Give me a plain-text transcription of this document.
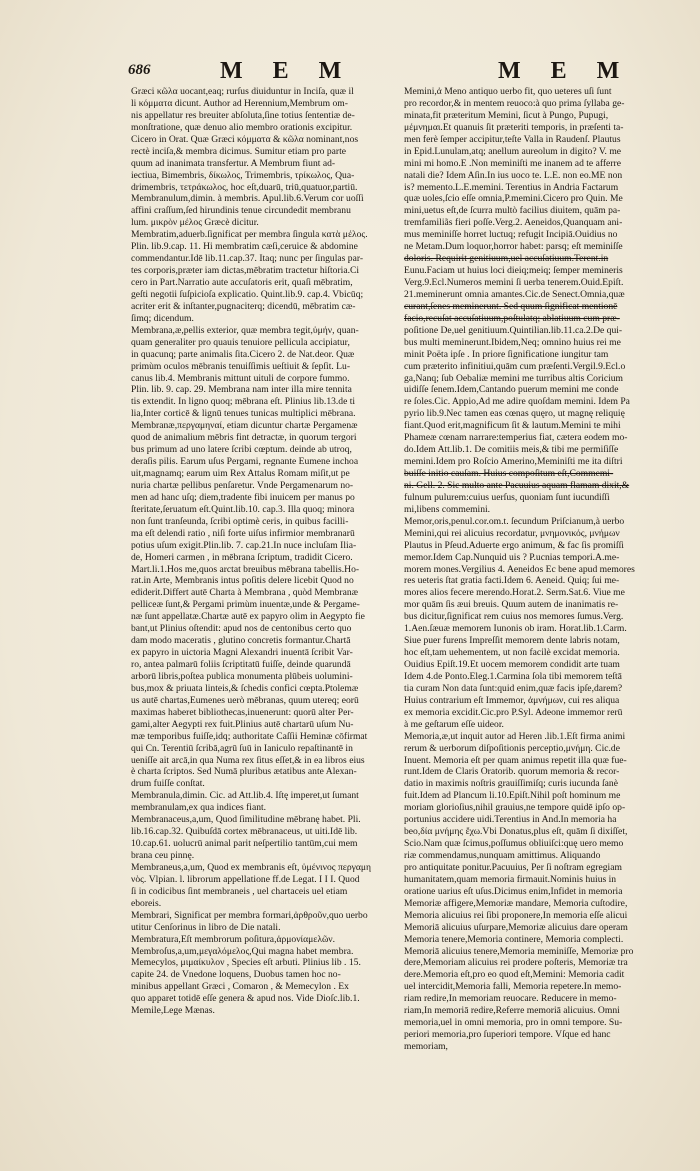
686	M E M	M E M
Græci κῶλα uocant,eaq; rurſus diuiduntur in Inciſa, quæ il
li κόμματα dicunt. Author ad Herennium,Membrum om-
nis appellatur res breuiter abſoluta,ſine totius ſententiæ de-
monſtratione, quæ denuo alio membro orationis excipitur.
Cicero in Orat. Quæ Græci κόμματα & κῶλα nominant,nos
rectè inciſa,& membra dicimus. Sumitur etiam pro parte
quum ad inanimata transfertur. A Membrum fiunt ad-
iectiua, Bimembris, δίκωλος, Trimembris, τρίκωλος, Qua-
drimembris, τετράκωλος, hoc eſt,duarū, triū,quatuor,partiū.
Membranulum,dimin. à membris. Apul.lib.6.Verum cor uoſſi
affini craſſum,ſed hirundinis tenue circundedit membranu
lum. μικρὸν μέλος Græcè dicitur.
Membratim,aduerb.ſignificat per membra ſingula κατὰ μέλος.
Plin. lib.9.cap. 11. Hi membratim cæſi,ceruice & abdomine
commendantur.Idē lib.11.cap.37. Itaq; nunc per ſingulas par-
tes corporis,præter iam dictas,mēbratim tractetur hiſtoria.Ci
cero in Part.Narratio aute accuſatoris erit, quaſi mēbratim,
geſti negotii ſuſpicioſa explicatio. Quint.lib.9. cap.4. Vbicūq;
acriter erit & inſtanter,pugnaciterq; dicendū, mēbratim cæ-
ſimq; dicendum.
Membrana,æ,pellis exterior, quæ membra tegit,ὑμήν, quan-
quam generaliter pro quauis tenuiore pellicula accipiatur,
in quacunq; parte animalis ſita.Cicero 2. de Nat.deor. Quæ
primùm oculos mēbranis tenuiſſimis ueſtiuit & ſepſit. Lu-
canus lib.4. Membranis mittunt uituli de corpore fummo.
Plin. lib. 9. cap. 29. Membrana nam inter illa mire tennita
tis extendit. In ligno quoq; mēbrana eſt. Plinius lib.13.de ti
lia,Inter corticē & lignū tenues tunicas multiplici mēbrana.
Membranæ,περγαμηναί, etiam dicuntur chartæ Pergamenæ
quod de animalium mēbris fint detractæ, in quorum tergori
bus primum ad uno latere ſcribi cœptum. deinde ab utroq,
deraſis pilis. Earum uſus Pergami, regnante Eumene inchoa
uit,magnamq; earum uim Rex Attalus Romam miſit,ut pe
nuria chartæ pellibus penſaretur. Vnde Pergamenarum no-
men ad hanc uſq; diem,tradente fibi inuicem per manus po
ſteritate,ſeruatum eſt.Quint.lib.10. cap.3. Illa quoq; minora
non ſunt tranſeunda, ſcribi optimè ceris, in quibus facilli-
ma eſt delendi ratio , niſi forte uiſus infirmior membranarū
potius uſum exigit.Plin.lib. 7. cap.21.In nuce incluſam Ilia-
de, Homeri carmen , in mēbrana ſcriptum, tradidit Cicero.
Mart.li.1.Hos me,quos arctat breuibus mēbrana tabellis.Ho-
rat.in Arte, Membranis intus poſitis delere licebit Quod no
ediderit.Differt autē Charta à Membrana , quòd Membranæ
pelliceæ ſunt,& Pergami primùm inuentæ,unde & Pergame-
næ ſunt appellatæ.Chartæ autē ex papyro olim in Aegypto fie
bant,ut Plinius oſtendit: apud nos de centonibus certo quo
dam modo maceratis , glutino concretis formantur.Chartā
ex papyro in uictoria Magni Alexandri inuentā ſcribit Var-
ro, antea palmarū foliis ſcriptitatū fuiſſe, deinde quarundā
arborū libris,poſtea publica monumenta plūbeis uolumini-
bus,mox & priuata linteis,& ſchedis confici cœpta.Ptolemæ
us autē chartas,Eumenes uerò mēbranas, quum utereq; eorū
maximas haberet bibliothecas,inuenerunt: quorū alter Per-
gami,alter Aegypti rex fuit.Plinius autē chartarū uſum Nu-
mæ temporibus fuiſſe,idq; authoritate Caſſii Heminæ cōfirmat
qui Cn. Terentiū ſcribā,agrū ſuū in Ianiculo repaſtinantē in
ueniſſe ait arcā,in qua Numa rex ſitus eſſet,& in ea libros eius
è charta ſcriptos. Sed Numā pluribus ætatibus ante Alexan-
drum fuiſſe conſtat.
Membranula,dimin. Cic. ad Att.lib.4. Iſtę imperet,ut ſumant
membranulam,ex qua indices fiant.
Membranaceus,a,um, Quod ſimilitudine mēbranę habet. Pli.
lib.16.cap.32. Quibuſdā cortex mēbranaceus, ut uiti.Idē lib.
10.cap.61. uolucrū animal parit neſpertilio tantūm,cui mem
brana ceu pinnę.
Membraneus,a,um, Quod ex membranis eſt, ὑμένινος περγαμη
νὸς. Vlpian. l. librorum appellatione ff.de Legat. I I I. Quod
ſi in codicibus ſint membraneis , uel chartaceis uel etiam
eboreis.
Membrari, Significat per membra formari,ἀρθροῦν,quo uerbo
utitur Cenſorinus in libro de Die natali.
Membratura,Eſt membrorum poſitura,ἁρμονίαμελῶν.
Membroſus,a,um,μεγαλόμελος,Qui magna habet membra.
Memecylos, μιμαίκυλον , Species eſt arbuti. Plinius lib . 15.
capite 24. de Vnedone loquens, Duobus tamen hoc no-
minibus appellant Græci , Comaron , & Memecylon . Ex
quo apparet totidē eſſe genera & apud nos. Vide Dioſc.lib.1.
Memile,Lege Mænas.
Memini,ἀ Meno antiquo uerbo fit, quo ueteres uſi ſunt
pro recordor,& in mentem reuoco:à quo prima ſyllaba ge-
minata,fit præteritum Memini, ſicut à Pungo, Pupugi,
μέμνημαι.Et quanuis ſit præteriti temporis, in præſenti ta-
men ferè ſemper accipitur,teſte Valla in Raudenſ. Plautus
in Epid.Lunulam,atq; anellum aureolum in digito? V. me
mini mi homo.E .Non meminiſti me inanem ad te afferre
natali die? Idem Aſin.In ius uoco te. L.E. non eo.ME non
is? memento.L.E.memini. Terentius in Andria Factarum
quæ uoles,ſcio eſſe omnia,P.memini.Cicero pro Quin. Me
mini,uetus eſt,de ſcurra multò facilius diuitem, quām pa-
tremfamiliãs fieri poſſe.Verg.2. Aeneidos,Quanquam ani-
mus meminiſſe horret luctuq; refugit Incipiā.Ouidius no
ne Metam.Dum loquor,horror habet: parsq; eſt meminiſſe
doloris. Requirit genitiuum,uel accuſatiuum.Terent.in
Eunu.Faciam ut huius loci dieiq;meiq; ſemper memineris
Verg.9.Ecl.Numeros memini ſi uerba tenerem.Ouid.Epiſt.
21.meminerunt omnia amantes.Cic.de Senect.Omnia,quæ
curant,ſenes meminerunt. Sed quum ſignificat mentionē
facio,recuſat accuſatiuum,poſtulatq; ablatiuum cum præ-
poſitione De,uel genitiuum.Quintilian.lib.11.ca.2.De qui-
bus multi meminerunt.Ibidem,Neq; omnino huius rei me
minit Poëta ipſe . In priore ſignificatione iungitur tam
cum præterito infinitiui,quām cum præſenti.Vergil.9.Ecl.o
ga,Nanq; ſub Oebaliæ memini me turribus altis Coricium
uidiſſe ſenem.Idem,Cantando puerum memini me conde
re ſoles.Cic. Appio,Ad me adire quoſdam memini. Idem Pa
pyrio lib.9.Nec tamen eas cœnas quęro, ut magnę reliquię
fiant.Quod erit,magnificum ſit & lautum.Memini te mihi
Phameæ cœnam narrare:temperius fiat, cætera eodem mo-
do.Idem Att.lib.1. De comitiis meis,& tibi me permiſiſſe
memini.Idem pro Roſcio Amerino,Meminiſti me ita diſtri
buiſſe initio cauſam. Huius compoſitum eſt,Commemi-
ni. Gell. 2. Sic multo ante Pacuuius aquam flamam dixit,&
fulnum pulurem:cuius uerſus, quoniam ſunt iucundiſſi
mi,libens commemini.
Memor,oris,penul.cor.om.t. ſecundum Priſcianum,à uerbo
Memini,qui rei alicuius recordatur, μνημονικός, μνήμων
Plautus in Pſeud.Aduerte ergo animum, & fac ſis promiſſi
memor.Idem Cap.Nunquid uis ? P.ucnias tempori.A.me-
morem mones.Vergilius 4. Aeneidos Ec bene apud memores
res ueteris ſtat gratia facti.Idem 6. Aeneid. Quiq; ſui me-
mores alios fecere merendo.Horat.2. Serm.Sat.6. Viue me
mor quām ſis æui breuis. Quum autem de inanimatis re-
bus dicitur,ſignificat rem cuius nos memores ſumus.Verg.
1.Aen.ſæuæ memorem Iunonis ob iram. Horat.lib.1.Carm.
Siue puer furens Impreſſit memorem dente labris notam,
hoc eſt,tam uehementem, ut non facilè excidat memoria.
Ouidius Epiſt.19.Et uocem memorem condidit arte tuam
Idem 4.de Ponto.Eleg.1.Carmina ſola tibi memorem teſtā
tia curam Non data ſunt:quid enim,quæ facis ipſe,darem?
Huius contrarium eſt Immemor, ἀμνήμων, cui res aliqua
ex memoria excidit.Cic.pro P.Syl. Adeone immemor rerū
à me geſtarum eſſe uideor.
Memoria,æ,ut inquit autor ad Heren .lib.1.Eſt firma animi
rerum & uerborum diſpoſitionis perceptio,μνήμη. Cic.de
Inuent. Memoria eſt per quam animus repetit illa quæ fue-
runt.Idem de Claris Oratorib. quorum memoria & recor-
datio in maximis noſtris grauiſſimiſq; curis iucunda ſanè
fuit.Idem ad Plancum li.10.Epiſt.Nihil poſt hominum me
moriam glorioſius,nihil grauius,ne tempore quidē ipſo op-
portunius accidere uidi.Terentius in And.In memoria ha
beo,δία μνήμης ἔχω.Vbi Donatus,plus eſt, quām ſi dixiſſet,
Scio.Nam quæ ſcimus,poſſumus obliuiſci:quę uero memo
riæ commendamus,nunquam amittimus. Aliquando
pro antiquitate ponitur.Pacuuius, Per ſi noſtram egregiam
humanitatem,quam memoria firmauit.Nominis huius in
oratione uarius eſt uſus.Dicimus enim,Infidet in memoria
Memoriæ affigere,Memoriæ mandare, Memoria cuſtodire,
Memoria alicuius rei ſibi proponere,In memoria eſſe alicui
Memoriā alicuius uſurpare,Memoriæ alicuius dare operam
Memoria tenere,Memoria continere, Memoria complecti.
Memoriā alicuius tenere,Memoria meminiſſe, Memoriæ pro
dere,Memoriam alicuius rei prodere poſteris, Memoriæ tra
dere.Memoria eſt,pro eo quod eſt,Memini: Memoria cadit
uel intercidit,Memoria falli, Memoria repetere.In memo-
riam redire,In memoriam reuocare. Reducere in memo-
riam,In memoriā redire,Referre memoriā alicuius. Omni
memoria,uel in omni memoria, pro in omni tempore. Su-
periori memoria,pro ſuperiori tempore. Vſque ed hanc
memoriam,
